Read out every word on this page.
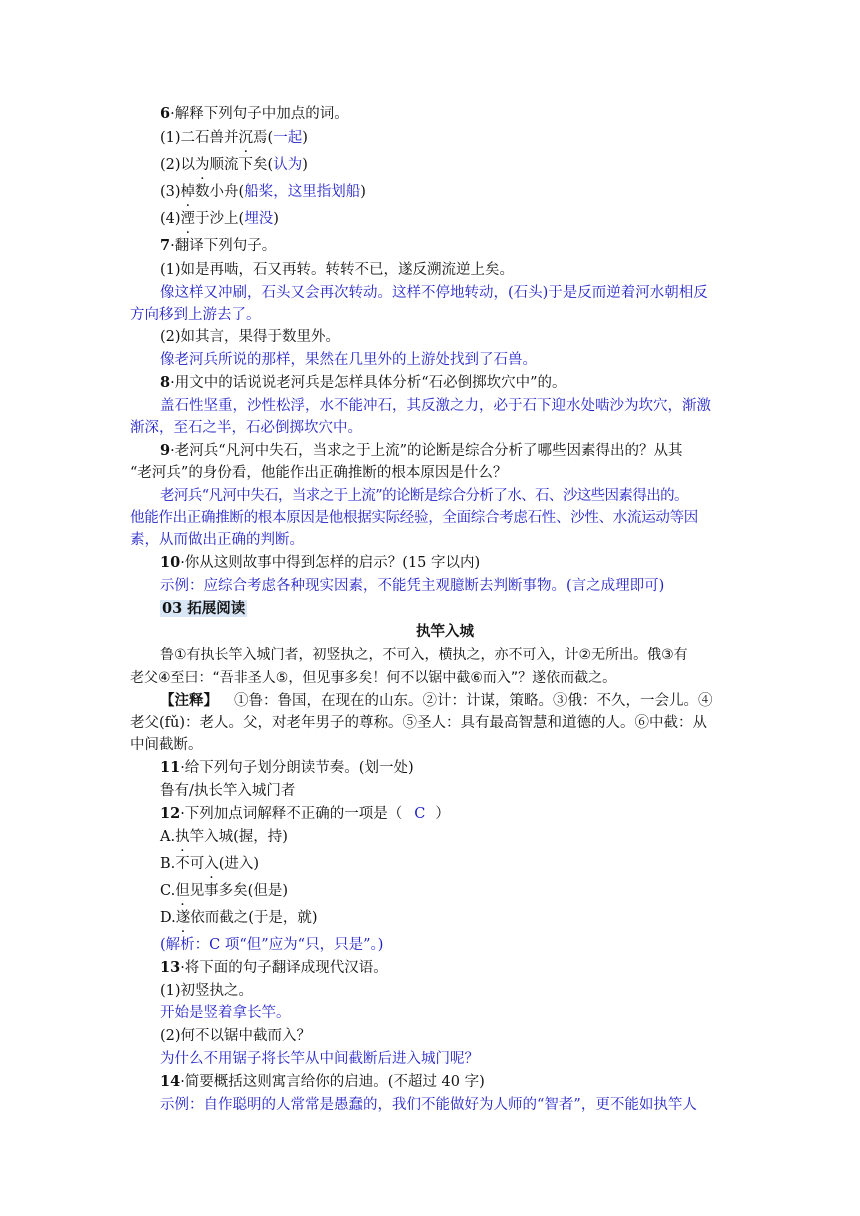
6·解释下列句子中加点的词。
(1)二石兽并沉焉(一起)
(2)以为顺流下矣(认为)
(3)棹数小舟(船桨，这里指划船)
(4)湮于沙上(埋没)
7·翻译下列句子。
(1)如是再啮，石又再转。转转不已，遂反溯流逆上矣。
像这样又冲刷，石头又会再次转动。这样不停地转动，(石头)于是反而逆着河水朝相反
方向移到上游去了。
(2)如其言，果得于数里外。
像老河兵所说的那样，果然在几里外的上游处找到了石兽。
8·用文中的话说说老河兵是怎样具体分析“石必倒掷坎穴中”的。
盖石性坚重，沙性松浮，水不能冲石，其反激之力，必于石下迎水处啮沙为坎穴，渐激
渐深，至石之半，石必倒掷坎穴中。
9·老河兵“凡河中失石，当求之于上流”的论断是综合分析了哪些因素得出的？从其
“老河兵”的身份看，他能作出正确推断的根本原因是什么？
老河兵“凡河中失石，当求之于上流”的论断是综合分析了水、石、沙这些因素得出的。
他能作出正确推断的根本原因是他根据实际经验，全面综合考虑石性、沙性、水流运动等因
素，从而做出正确的判断。
10·你从这则故事中得到怎样的启示？(15 字以内)
示例：应综合考虑各种现实因素，不能凭主观臆断去判断事物。(言之成理即可)
03 拓展阅读
执竿入城
鲁①有执长竿入城门者，初竖执之，不可入，横执之，亦不可入，计②无所出。俄③有
老父④至曰：“吾非圣人⑤，但见事多矣！何不以锯中截⑥而入”？遂依而截之。
【注释】 ①鲁：鲁国，在现在的山东。②计：计谋，策略。③俄：不久，一会儿。④
老父(fǔ)：老人。父，对老年男子的尊称。⑤圣人：具有最高智慧和道德的人。⑥中截：从
中间截断。
11·给下列句子划分朗读节奏。(划一处)
鲁有/执长竿入城门者
12·下列加点词解释不正确的一项是（ C ）
A.执竿入城(握，持)
B.不可入(进入)
C.但见事多矣(但是)
D.遂依而截之(于是，就)
(解析：C 项“但”应为“只，只是”。)
13·将下面的句子翻译成现代汉语。
(1)初竖执之。
开始是竖着拿长竿。
(2)何不以锯中截而入？
为什么不用锯子将长竿从中间截断后进入城门呢？
14·简要概括这则寓言给你的启迪。(不超过 40 字)
示例：自作聪明的人常常是愚蠢的，我们不能做好为人师的“智者”，更不能如执竿人
